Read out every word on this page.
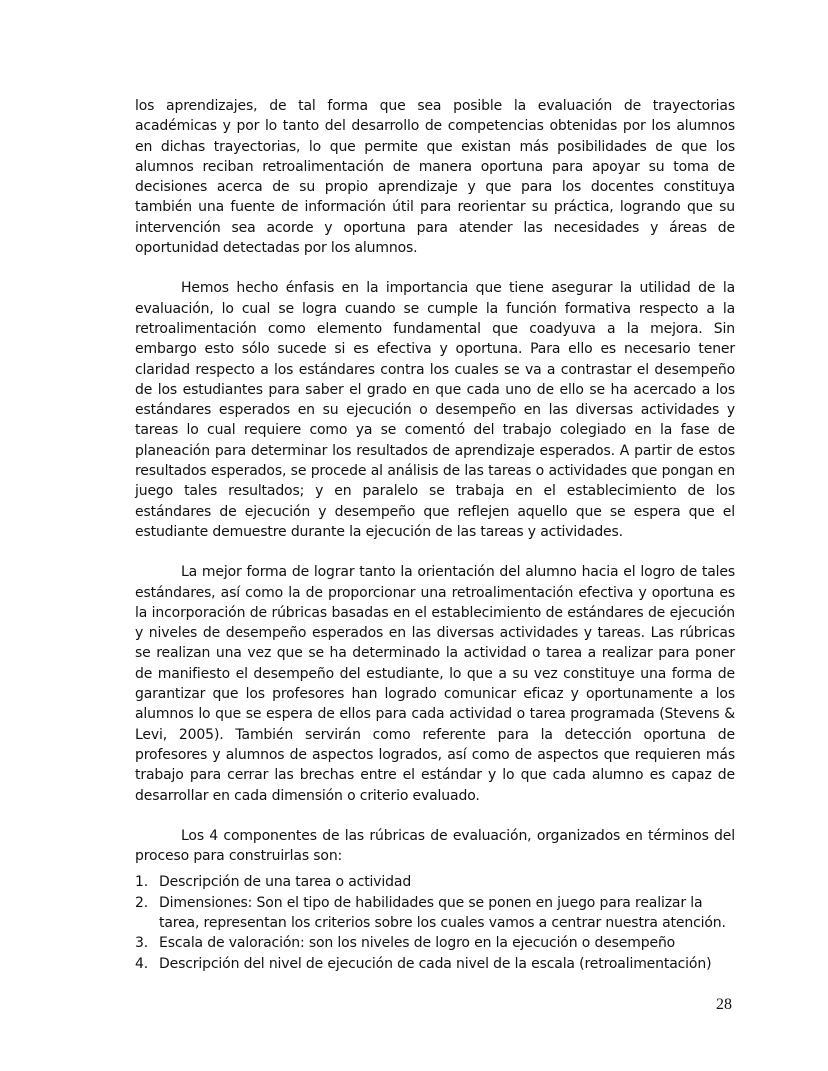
los aprendizajes, de tal forma que sea posible la evaluación de trayectorias académicas y por lo tanto del desarrollo de competencias obtenidas por los alumnos en dichas trayectorias, lo que permite que existan más posibilidades de que los alumnos reciban retroalimentación de manera oportuna para apoyar su toma de decisiones acerca de su propio aprendizaje y que para los docentes constituya también una fuente de información útil para reorientar su práctica, logrando que su intervención sea acorde y oportuna para atender las necesidades y áreas de oportunidad detectadas por los alumnos.

Hemos hecho énfasis en la importancia que tiene asegurar la utilidad de la evaluación, lo cual se logra cuando se cumple la función formativa respecto a la retroalimentación como elemento fundamental que coadyuva a la mejora. Sin embargo esto sólo sucede si es efectiva y oportuna. Para ello es necesario tener claridad respecto a los estándares contra los cuales se va a contrastar el desempeño de los estudiantes para saber el grado en que cada uno de ello se ha acercado a los estándares esperados en su ejecución o desempeño en las diversas actividades y tareas lo cual requiere como ya se comentó del trabajo colegiado en la fase de planeación para determinar los resultados de aprendizaje esperados. A partir de estos resultados esperados, se procede al análisis de las tareas o actividades que pongan en juego tales resultados; y en paralelo se trabaja en el establecimiento de los estándares de ejecución y desempeño que reflejen aquello que se espera que el estudiante demuestre durante la ejecución de las tareas y actividades.

La mejor forma de lograr tanto la orientación del alumno hacia el logro de tales estándares, así como la de proporcionar una retroalimentación efectiva y oportuna es la incorporación de rúbricas basadas en el establecimiento de estándares de ejecución y niveles de desempeño esperados en las diversas actividades y tareas. Las rúbricas se realizan una vez que se ha determinado la actividad o tarea a realizar para poner de manifiesto el desempeño del estudiante, lo que a su vez constituye una forma de garantizar que los profesores han logrado comunicar eficaz y oportunamente a los alumnos lo que se espera de ellos para cada actividad o tarea programada (Stevens & Levi, 2005). También servirán como referente para la detección oportuna de profesores y alumnos de aspectos logrados, así como de aspectos que requieren más trabajo para cerrar las brechas entre el estándar y lo que cada alumno es capaz de desarrollar en cada dimensión o criterio evaluado.

Los 4 componentes de las rúbricas de evaluación, organizados en términos del proceso para construirlas son:

1. Descripción de una tarea o actividad
2. Dimensiones: Son el tipo de habilidades que se ponen en juego para realizar la tarea, representan los criterios sobre los cuales vamos a centrar nuestra atención.
3. Escala de valoración: son los niveles de logro en la ejecución o desempeño
4. Descripción del nivel de ejecución de cada nivel de la escala (retroalimentación)
28
